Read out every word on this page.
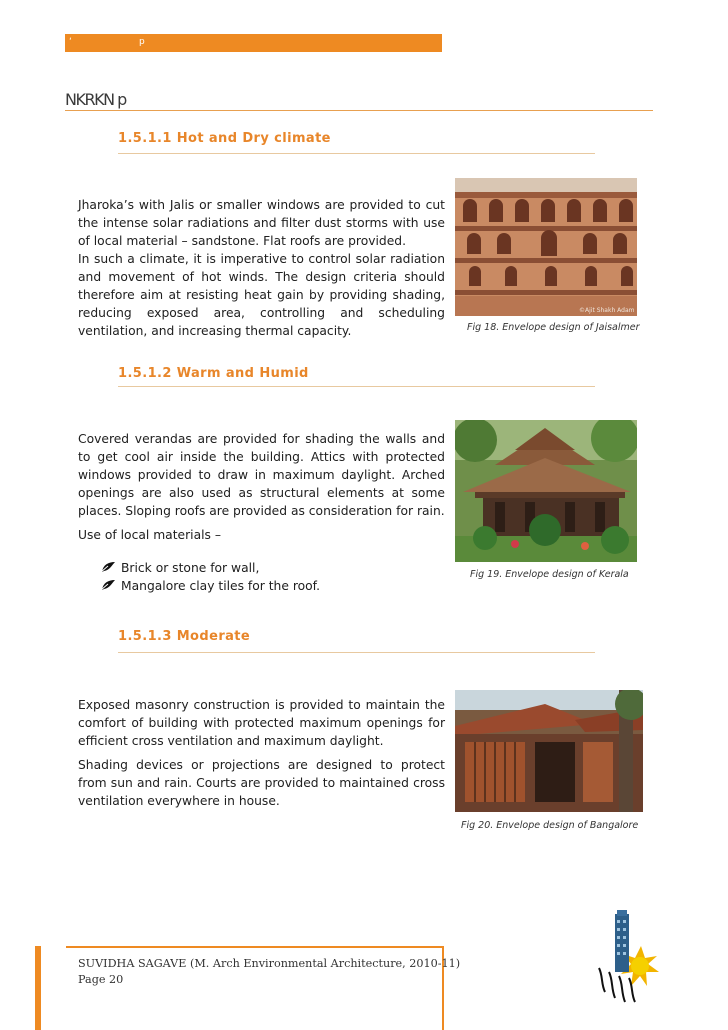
‘	p
NKRKN p
1.5.1.1 Hot and Dry climate

Jharoka’s with Jalis or smaller windows are provided to cut the intense solar radiations and filter dust storms with use of local material – sandstone. Flat roofs are provided.

In such a climate, it is imperative to control solar radiation and movement of hot winds. The design criteria should therefore aim at resisting heat gain by providing shading, reducing exposed area, controlling and scheduling ventilation, and increasing thermal capacity.

©Ajit Shakh Adam
Fig 18. Envelope design of Jaisalmer
1.5.1.2 Warm and Humid

Covered verandas are provided for shading the walls and to get cool air inside the building. Attics with protected windows provided to draw in maximum daylight. Arched openings are also used as structural elements at some places. Sloping roofs are provided as consideration for rain.

Use of local materials –

Brick or stone for wall,
Mangalore clay tiles for the roof.
Fig 19. Envelope design of Kerala
1.5.1.3 Moderate

Exposed masonry construction is provided to maintain the comfort of building with protected maximum openings for efficient cross ventilation and maximum daylight.

Shading devices or projections are designed to protect from sun and rain. Courts are provided to maintained cross ventilation everywhere in house.

Fig 20. Envelope design of Bangalore
SUVIDHA SAGAVE (M. Arch Environmental Architecture, 2010-11)
Page 20
